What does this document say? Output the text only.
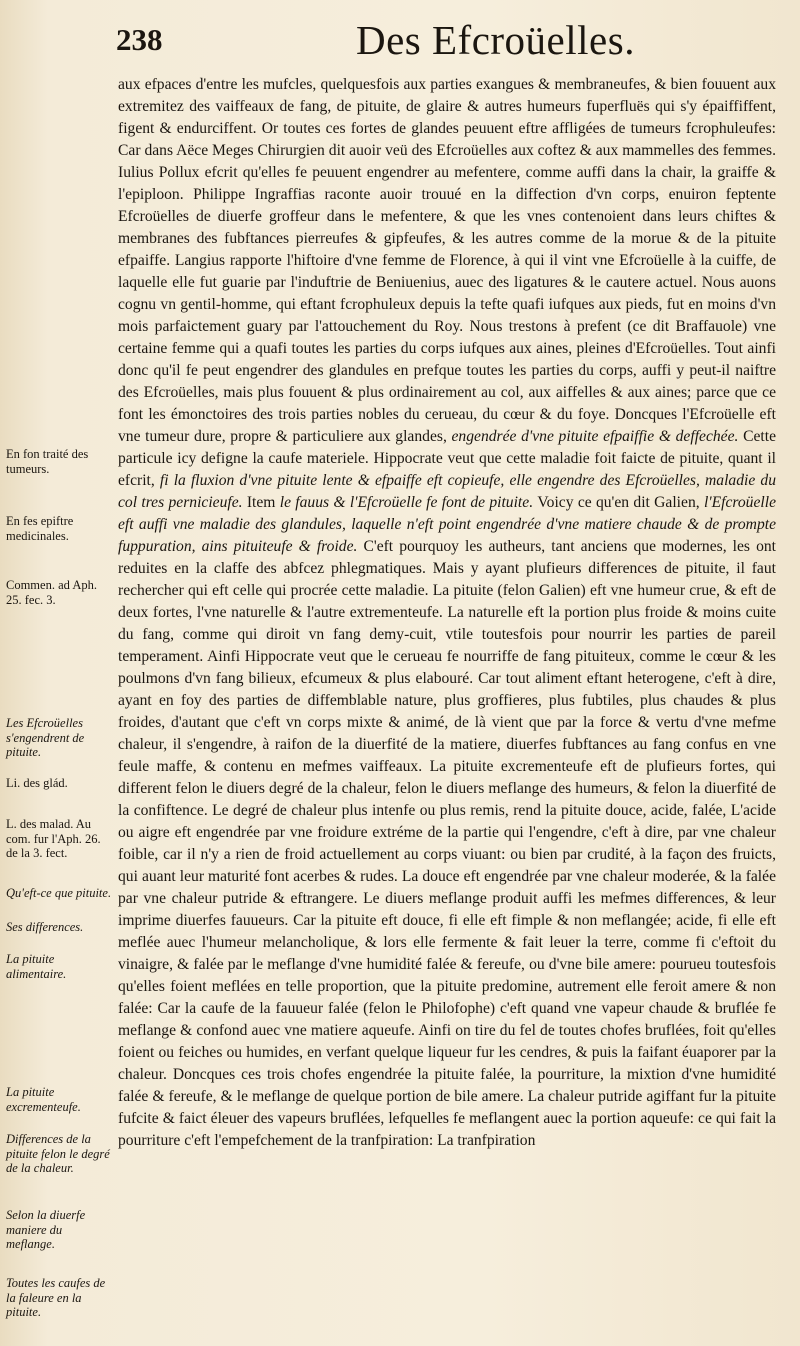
238	Des Efcroüelles.

aux efpaces d'entre les mufcles, quelquesfois aux parties exangues & membraneufes, & bien fouuent aux extremitez des vaiffeaux de fang, de pituite, de glaire & autres humeurs fuperfluës qui s'y épaiffiffent, figent & endurciffent. Or toutes ces fortes de glandes peuuent eftre affligées de tumeurs fcrophuleufes: Car dans Aëce Meges Chirurgien dit auoir veü des Efcroüelles aux coftez & aux mammelles des femmes. Iulius Pollux efcrit qu'elles fe peuuent engendrer au mefentere, comme auffi dans la chair, la graiffe & l'epiploon. Philippe Ingraffias raconte auoir trouué en la diffection d'vn corps, enuiron feptente Efcroüelles de diuerfe groffeur dans le mefentere, & que les vnes contenoient dans leurs chiftes & membranes des fubftances pierreufes & gipfeufes, & les autres comme de la morue & de la pituite efpaiffe. Langius rapporte l'hiftoire d'vne femme de Florence, à qui il vint vne Efcroüelle à la cuiffe, de laquelle elle fut guarie par l'induftrie de Beniuenius, auec des ligatures & le cautere actuel. Nous auons cognu vn gentil-homme, qui eftant fcrophuleux depuis la tefte quafi iufques aux pieds, fut en moins d'vn mois parfaictement guary par l'attouchement du Roy. Nous trestons à prefent (ce dit Braffauole) vne certaine femme qui a quafi toutes les parties du corps iufques aux aines, pleines d'Efcroüelles. Tout ainfi donc qu'il fe peut engendrer des glandules en prefque toutes les parties du corps, auffi y peut-il naiftre des Efcroüelles, mais plus fouuent & plus ordinairement au col, aux aiffelles & aux aines; parce que ce font les émonctoires des trois parties nobles du cerueau, du cœur & du foye. Doncques l'Efcroüelle eft vne tumeur dure, propre & particuliere aux glandes, engendrée d'vne pituite efpaiffie & deffechée. Cette particule icy defigne la caufe materiele. Hippocrate veut que cette maladie foit faicte de pituite, quant il efcrit, fi la fluxion d'vne pituite lente & efpaiffe eft copieufe, elle engendre des Efcroüelles, maladie du col tres pernicieufe. Item le fauus & l'Efcroüelle fe font de pituite. Voicy ce qu'en dit Galien, l'Efcroüelle eft auffi vne maladie des glandules, laquelle n'eft point engendrée d'vne matiere chaude & de prompte fuppuration, ains pituiteufe & froide. C'eft pourquoy les autheurs, tant anciens que modernes, les ont reduites en la claffe des abfcez phlegmatiques. Mais y ayant plufieurs differences de pituite, il faut rechercher qui eft celle qui procrée cette maladie. La pituite (felon Galien) eft vne humeur crue, & eft de deux fortes, l'vne naturelle & l'autre extrementeufe. La naturelle eft la portion plus froide & moins cuite du fang, comme qui diroit vn fang demy-cuit, vtile toutesfois pour nourrir les parties de pareil temperament. Ainfi Hippocrate veut que le cerueau fe nourriffe de fang pituiteux, comme le cœur & les poulmons d'vn fang bilieux, efcumeux & plus elabouré. Car tout aliment eftant heterogene, c'eft à dire, ayant en foy des parties de diffemblable nature, plus groffieres, plus fubtiles, plus chaudes & plus froides, d'autant que c'eft vn corps mixte & animé, de là vient que par la force & vertu d'vne mefme chaleur, il s'engendre, à raifon de la diuerfité de la matiere, diuerfes fubftances au fang confus en vne feule maffe, & contenu en mefmes vaiffeaux. La pituite excrementeufe eft de plufieurs fortes, qui different felon le diuers degré de la chaleur, felon le diuers meflange des humeurs, & felon la diuerfité de la confiftence. Le degré de chaleur plus intenfe ou plus remis, rend la pituite douce, acide, falée, L'acide ou aigre eft engendrée par vne froidure extréme de la partie qui l'engendre, c'eft à dire, par vne chaleur foible, car il n'y a rien de froid actuellement au corps viuant: ou bien par crudité, à la façon des fruicts, qui auant leur maturité font acerbes & rudes. La douce eft engendrée par vne chaleur moderée, & la falée par vne chaleur putride & eftrangere. Le diuers meflange produit auffi les mefmes differences, & leur imprime diuerfes fauueurs. Car la pituite eft douce, fi elle eft fimple & non meflangée; acide, fi elle eft meflée auec l'humeur melancholique, & lors elle fermente & fait leuer la terre, comme fi c'eftoit du vinaigre, & falée par le meflange d'vne humidité falée & fereufe, ou d'vne bile amere: pourueu toutesfois qu'elles foient meflées en telle proportion, que la pituite predomine, autrement elle feroit amere & non falée: Car la caufe de la fauueur falée (felon le Philofophe) c'eft quand vne vapeur chaude & bruflée fe meflange & confond auec vne matiere aqueufe. Ainfi on tire du fel de toutes chofes bruflées, foit qu'elles foient ou feiches ou humides, en verfant quelque liqueur fur les cendres, & puis la faifant éuaporer par la chaleur. Doncques ces trois chofes engendrée la pituite falée, la pourriture, la mixtion d'vne humidité falée & fereufe, & le meflange de quelque portion de bile amere. La chaleur putride agiffant fur la pituite fufcite & faict éleuer des vapeurs bruflées, lefquelles fe meflangent auec la portion aqueufe: ce qui fait la pourriture c'eft l'empefchement de la tranfpiration: La tranfpiration

En fon traité des tumeurs.
En fes epiftre medicinales.
Commen. ad Aph. 25. fec. 3.
Les Efcroüelles s'engendrent de pituite.
Li. des glád.
L. des malad. Au com. fur l'Aph. 26. de la 3. fect.
Qu'eft-ce que pituite.
Ses differences.
La pituite alimentaire.
La pituite excrementeufe.
Differences de la pituite felon le degré de la chaleur.
Selon la diuerfe maniere du meflange.
Toutes les caufes de la faleure en la pituite.
